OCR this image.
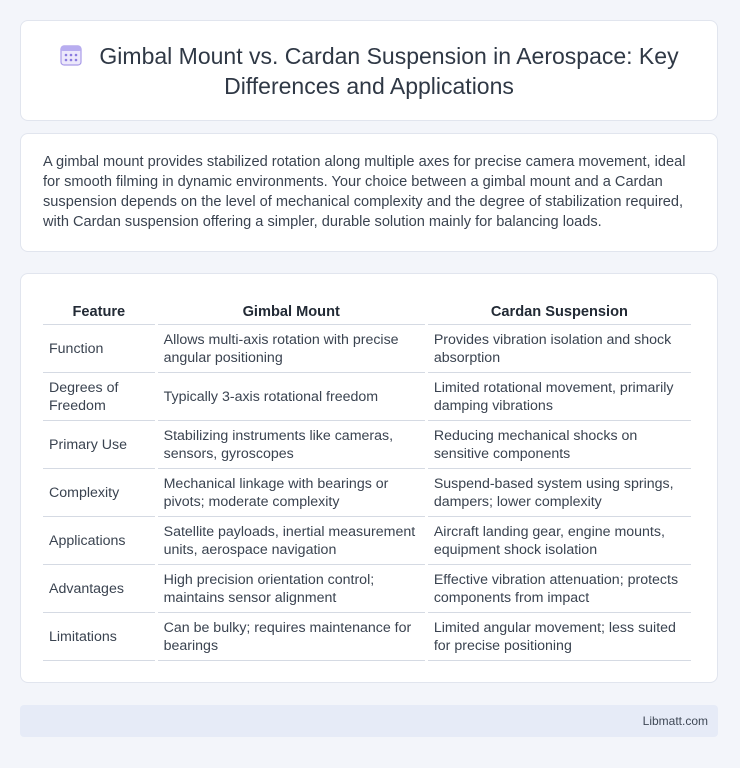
Gimbal Mount vs. Cardan Suspension in Aerospace: Key Differences and Applications

A gimbal mount provides stabilized rotation along multiple axes for precise camera movement, ideal for smooth filming in dynamic environments. Your choice between a gimbal mount and a Cardan suspension depends on the level of mechanical complexity and the degree of stabilization required, with Cardan suspension offering a simpler, durable solution mainly for balancing loads.

Feature	Gimbal Mount	Cardan Suspension
Function	Allows multi-axis rotation with precise angular positioning	Provides vibration isolation and shock absorption
Degrees of Freedom	Typically 3-axis rotational freedom	Limited rotational movement, primarily damping vibrations
Primary Use	Stabilizing instruments like cameras, sensors, gyroscopes	Reducing mechanical shocks on sensitive components
Complexity	Mechanical linkage with bearings or pivots; moderate complexity	Suspend-based system using springs, dampers; lower complexity
Applications	Satellite payloads, inertial measurement units, aerospace navigation	Aircraft landing gear, engine mounts, equipment shock isolation
Advantages	High precision orientation control; maintains sensor alignment	Effective vibration attenuation; protects components from impact
Limitations	Can be bulky; requires maintenance for bearings	Limited angular movement; less suited for precise positioning
Libmatt.com
